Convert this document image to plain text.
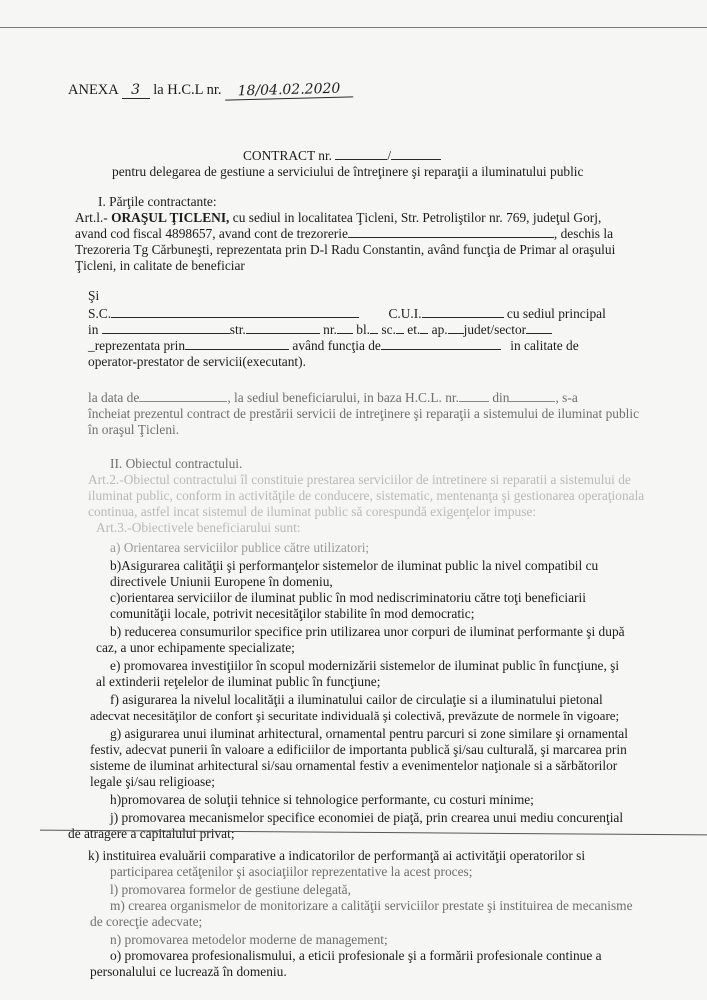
ANEXA 3 la H.C.L nr. 18/04.02.2020
CONTRACT nr.	/
pentru delegarea de gestiune a serviciului de întreţinere şi reparaţii a iluminatului public
I. Părţile contractante:
Art.l.- ORAŞUL ŢICLENI, cu sediul in localitatea Ţicleni, Str. Petroliştilor nr. 769, judeţul Gorj,
avand cod fiscal 4898657, avand cont de trezorerie	, deschis la
Trezoreria Tg Cărbuneşti, reprezentata prin D-l Radu Constantin, având funcţia de Primar al oraşului
Ţicleni, in calitate de beneficiar
Şi
S.C.	C.U.I.	cu sediul principal
in	str.	nr. bl. sc. et. ap. judet/sector
_reprezentata prin	având funcţia de	in calitate de
operator-prestator de servicii(executant).
la data de	, la sediul beneficiarului, in baza H.C.L. nr. din	, s-a
încheiat prezentul contract de prestării servicii de intreţinere şi reparaţii a sistemului de iluminat public
în oraşul Ţicleni.
II. Obiectul contractului.
Art.2.-Obiectul contractului îl constituie prestarea serviciilor de intretinere si reparatii a sistemului de
iluminat public, conform in activităţile de conducere, sistematic, mentenanţa şi gestionarea operaţionala
continua, astfel incat sistemul de iluminat public să corespundă exigenţelor impuse:
Art.3.-Obiectivele beneficiarului sunt:
a) Orientarea serviciilor publice către utilizatori;
b)Asigurarea calităţii şi performanţelor sistemelor de iluminat public la nivel compatibil cu
directivele Uniunii Europene în domeniu,
c)orientarea serviciilor de iluminat public în mod nediscriminatoriu către toţi beneficiarii
comunităţii locale, potrivit necesităţilor stabilite în mod democratic;
b) reducerea consumurilor specifice prin utilizarea unor corpuri de iluminat performante şi după
caz, a unor echipamente specializate;
e) promovarea investiţiilor în scopul modernizării sistemelor de iluminat public în funcţiune, şi
al extinderii reţelelor de iluminat public în funcţiune;
f) asigurarea la nivelul localităţii a iluminatului cailor de circulaţie si a iluminatului pietonal
adecvat necesităţilor de confort şi securitate individuală şi colectivă, prevăzute de normele în vigoare;
g) asigurarea unui iluminat arhitectural, ornamental pentru parcuri si zone similare şi ornamental
festiv, adecvat punerii în valoare a edificiilor de importanta publică şi/sau culturală, şi marcarea prin
sisteme de iluminat arhitectural si/sau ornamental festiv a evenimentelor naţionale si a sărbătorilor
legale şi/sau religioase;
h)promovarea de soluţii tehnice si tehnologice performante, cu costuri minime;
j) promovarea mecanismelor specifice economiei de piaţă, prin crearea unui mediu concurenţial
de atragere a capitalului privat;
k) instituirea evaluării comparative a indicatorilor de performanţă ai activităţii operatorilor si
participarea cetăţenilor şi asociaţiilor reprezentative la acest proces;
l) promovarea formelor de gestiune delegată,
m) crearea organismelor de monitorizare a calităţii serviciilor prestate şi instituirea de mecanisme
de corecţie adecvate;
n) promovarea metodelor moderne de management;
o) promovarea profesionalismului, a eticii profesionale şi a formării profesionale continue a
personalului ce lucrează în domeniu.
